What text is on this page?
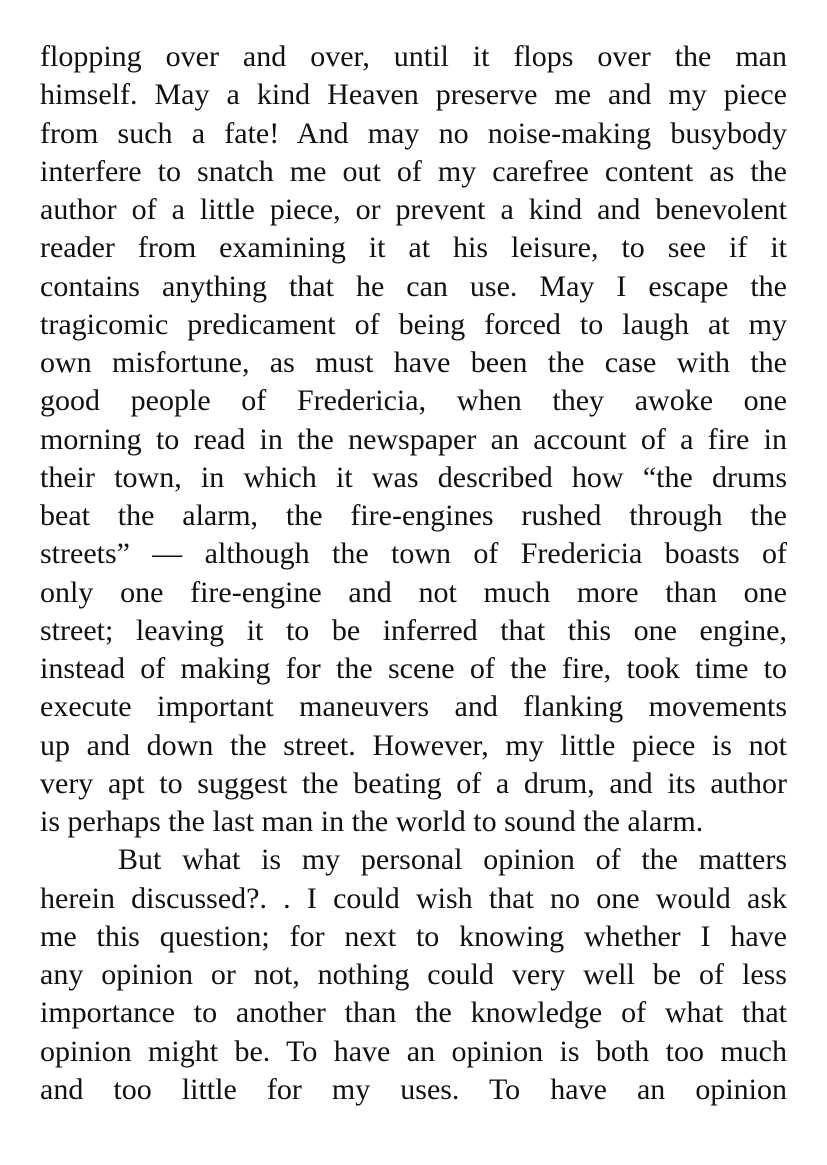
flopping over and over, until it flops over the man
himself. May a kind Heaven preserve me and my piece
from such a fate! And may no noise-making busybody
interfere to snatch me out of my carefree content as the
author of a little piece, or prevent a kind and benevolent
reader from examining it at his leisure, to see if it
contains anything that he can use. May I escape the
tragicomic predicament of being forced to laugh at my
own misfortune, as must have been the case with the
good people of Fredericia, when they awoke one
morning to read in the newspaper an account of a fire in
their town, in which it was described how “the drums
beat the alarm, the fire-engines rushed through the
streets” — although the town of Fredericia boasts of
only one fire-engine and not much more than one
street; leaving it to be inferred that this one engine,
instead of making for the scene of the fire, took time to
execute important maneuvers and flanking movements
up and down the street. However, my little piece is not
very apt to suggest the beating of a drum, and its author
is perhaps the last man in the world to sound the alarm.
But what is my personal opinion of the matters
herein discussed?. . I could wish that no one would ask
me this question; for next to knowing whether I have
any opinion or not, nothing could very well be of less
importance to another than the knowledge of what that
opinion might be. To have an opinion is both too much
and too little for my uses. To have an opinion
